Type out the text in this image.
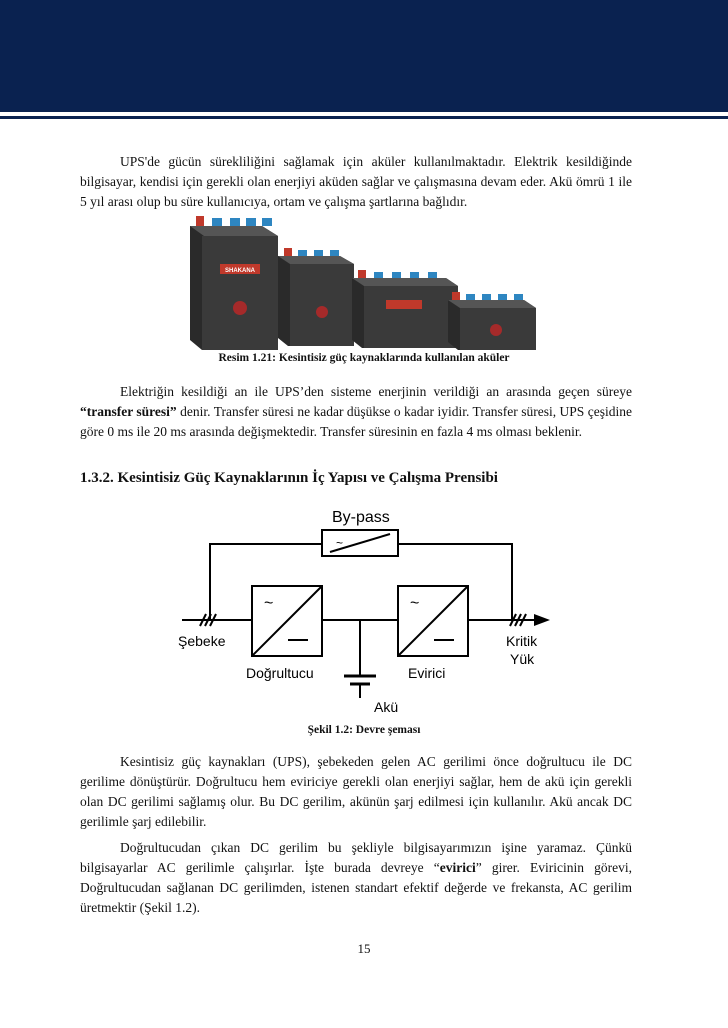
UPS'de gücün sürekliliğini sağlamak için aküler kullanılmaktadır. Elektrik kesildiğinde bilgisayar, kendisi için gerekli olan enerjiyi aküden sağlar ve çalışmasına devam eder. Akü ömrü 1 ile 5 yıl arası olup bu süre kullanıcıya, ortam ve çalışma şartlarına bağlıdır.

SHAKANA
Resim 1.21: Kesintisiz güç kaynaklarında kullanılan aküler

Elektriğin kesildiği an ile UPS’den sisteme enerjinin verildiği an arasında geçen süreye “transfer süresi” denir. Transfer süresi ne kadar düşükse o kadar iyidir. Transfer süresi, UPS çeşidine göre 0 ms ile 20 ms arasında değişmektedir. Transfer süresinin en fazla 4 ms olması beklenir.

1.3.2. Kesintisiz Güç Kaynaklarının İç Yapısı ve Çalışma Prensibi
By-pass
~
~	~
Şebeke
Doğrultucu	Evirici
Akü
Kritik
Yük
Şekil 1.2: Devre şeması

Kesintisiz güç kaynakları (UPS), şebekeden gelen AC gerilimi önce doğrultucu ile DC gerilime dönüştürür. Doğrultucu hem eviriciye gerekli olan enerjiyi sağlar, hem de akü için gerekli olan DC gerilimi sağlamış olur. Bu DC gerilim, akünün şarj edilmesi için kullanılır. Akü ancak DC gerilimle şarj edilebilir.

Doğrultucudan çıkan DC gerilim bu şekliyle bilgisayarımızın işine yaramaz. Çünkü bilgisayarlar AC gerilimle çalışırlar. İşte burada devreye “evirici” girer. Eviricinin görevi, Doğrultucudan sağlanan DC gerilimden, istenen standart efektif değerde ve frekansta, AC gerilim üretmektir (Şekil 1.2).

15
